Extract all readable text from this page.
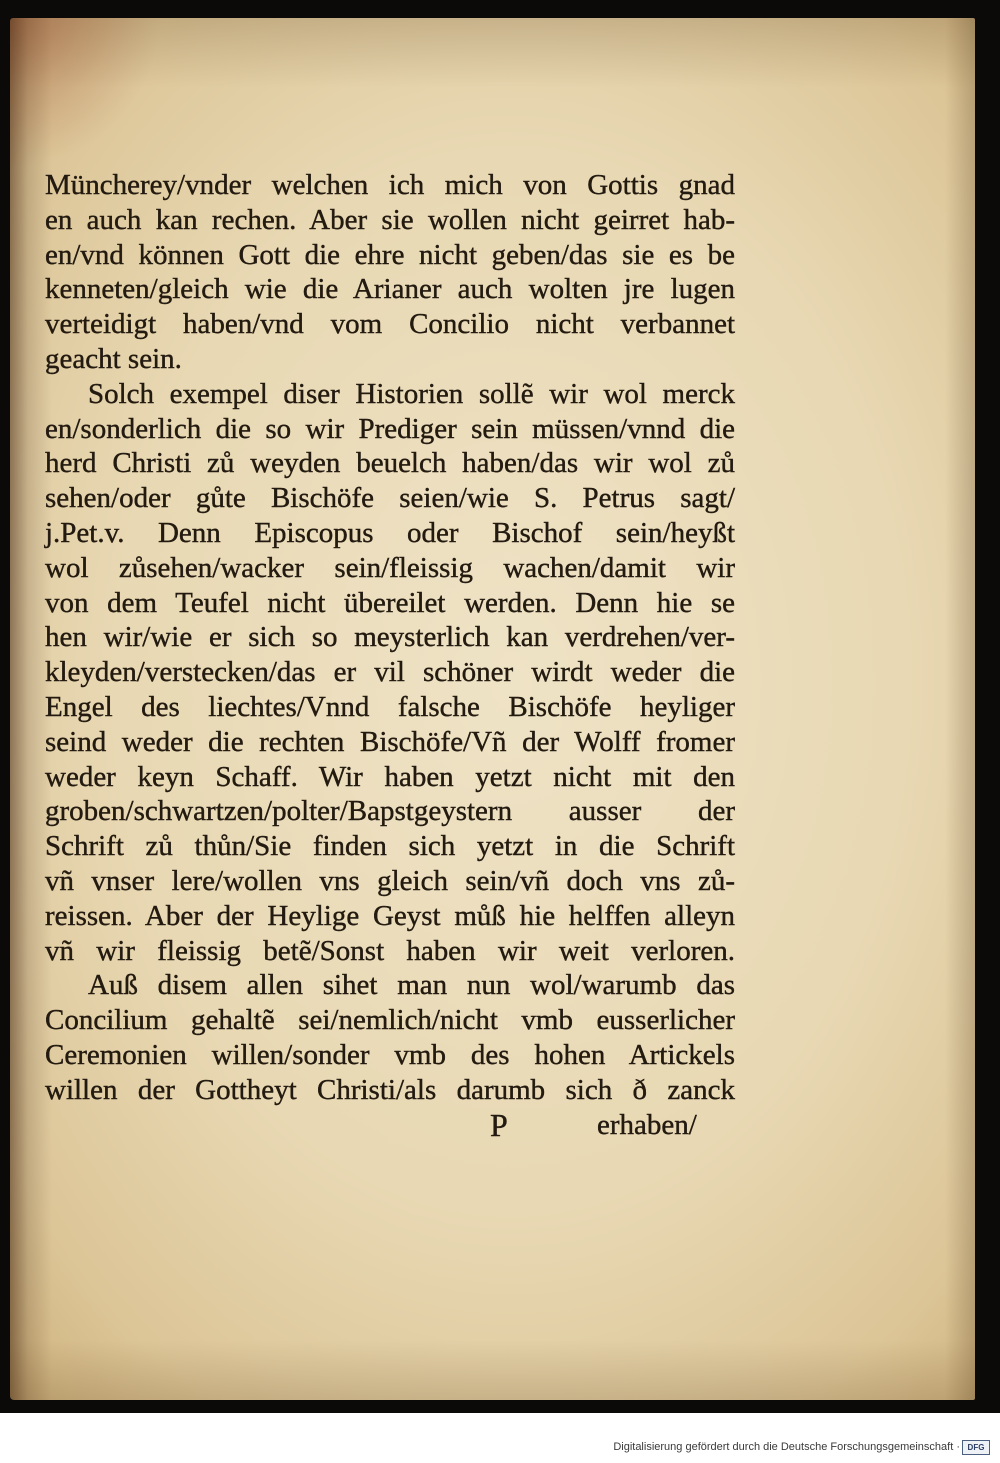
Müncherey/vnder welchen ich mich von Gottis gnad
en auch kan rechen. Aber sie wollen nicht geirret hab-
en/vnd können Gott die ehre nicht geben/das sie es be
kenneten/gleich wie die Arianer auch wolten jre lugen
verteidigt haben/vnd vom Concilio nicht verbannet
geacht sein.
Solch exempel diser Historien sollẽ wir wol merck
en/sonderlich die so wir Prediger sein müssen/vnnd die
herd Christi zů weyden beuelch haben/das wir wol zů
sehen/oder gůte Bischöfe seien/wie S. Petrus sagt/
j.Pet.v. Denn Episcopus oder Bischof sein/heyßt
wol zůsehen/wacker sein/fleissig wachen/damit wir
von dem Teufel nicht übereilet werden. Denn hie se
hen wir/wie er sich so meysterlich kan verdrehen/ver-
kleyden/verstecken/das er vil schöner wirdt weder die
Engel des liechtes/Vnnd falsche Bischöfe heyliger
seind weder die rechten Bischöfe/Vñ der Wolff fromer
weder keyn Schaff. Wir haben yetzt nicht mit den
groben/schwartzen/polter/Bapstgeystern ausser der
Schrift zů thůn/Sie finden sich yetzt in die Schrift
vñ vnser lere/wollen vns gleich sein/vñ doch vns zů-
reissen. Aber der Heylige Geyst můß hie helffen alleyn
vñ wir fleissig betẽ/Sonst haben wir weit verloren.
Auß disem allen sihet man nun wol/warumb das
Concilium gehaltẽ sei/nemlich/nicht vmb eusserlicher
Ceremonien willen/sonder vmb des hohen Artickels
willen der Gottheyt Christi/als darumb sich ð zanck
P	erhaben/
Digitalisierung gefördert durch die Deutsche Forschungsgemeinschaft · DFG
